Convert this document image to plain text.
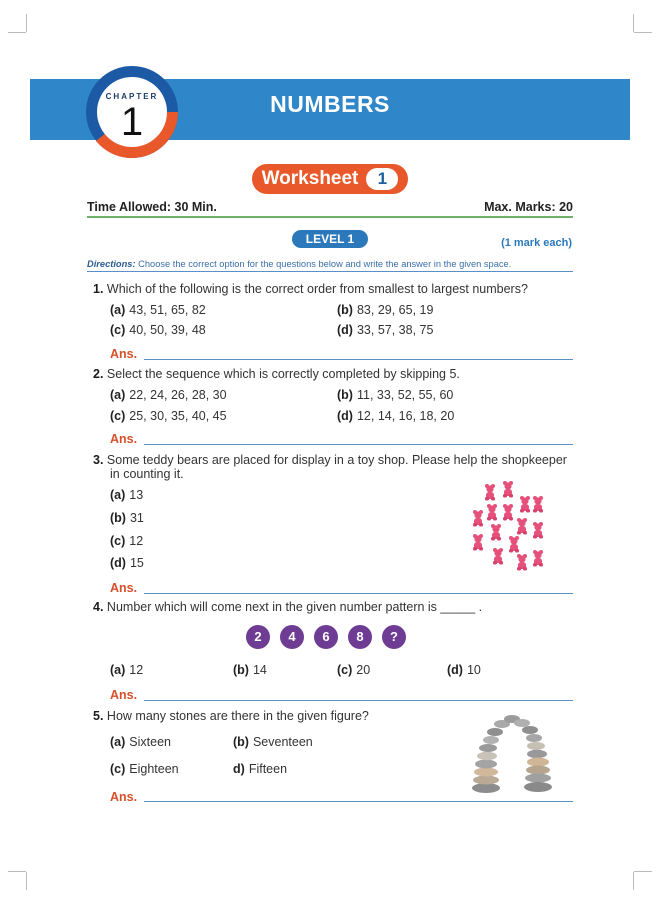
NUMBERS
CHAPTER
1
Worksheet	1
Time Allowed: 30 Min.	Max. Marks: 20
LEVEL 1	(1 mark each)
Directions: Choose the correct option for the questions below and write the answer in the given space.
1. Which of the following is the correct order from smallest to largest numbers?
(a) 43, 51, 65, 82	(b) 83, 29, 65, 19
(c) 40, 50, 39, 48	(d) 33, 57, 38, 75
Ans.
2. Select the sequence which is correctly completed by skipping 5.
(a) 22, 24, 26, 28, 30	(b) 11, 33, 52, 55, 60
(c) 25, 30, 35, 40, 45	(d) 12, 14, 16, 18, 20
Ans.
3. Some teddy bears are placed for display in a toy shop. Please help the shopkeeper
in counting it.
(a) 13
(b) 31
(c) 12
(d) 15
Ans.
4. Number which will come next in the given number pattern is _____ .
2	4	6	8	?
(a) 12	(b) 14	(c) 20	(d) 10
Ans.
5. How many stones are there in the given figure?
(a) Sixteen	(b) Seventeen
(c) Eighteen	d) Fifteen
Ans.
